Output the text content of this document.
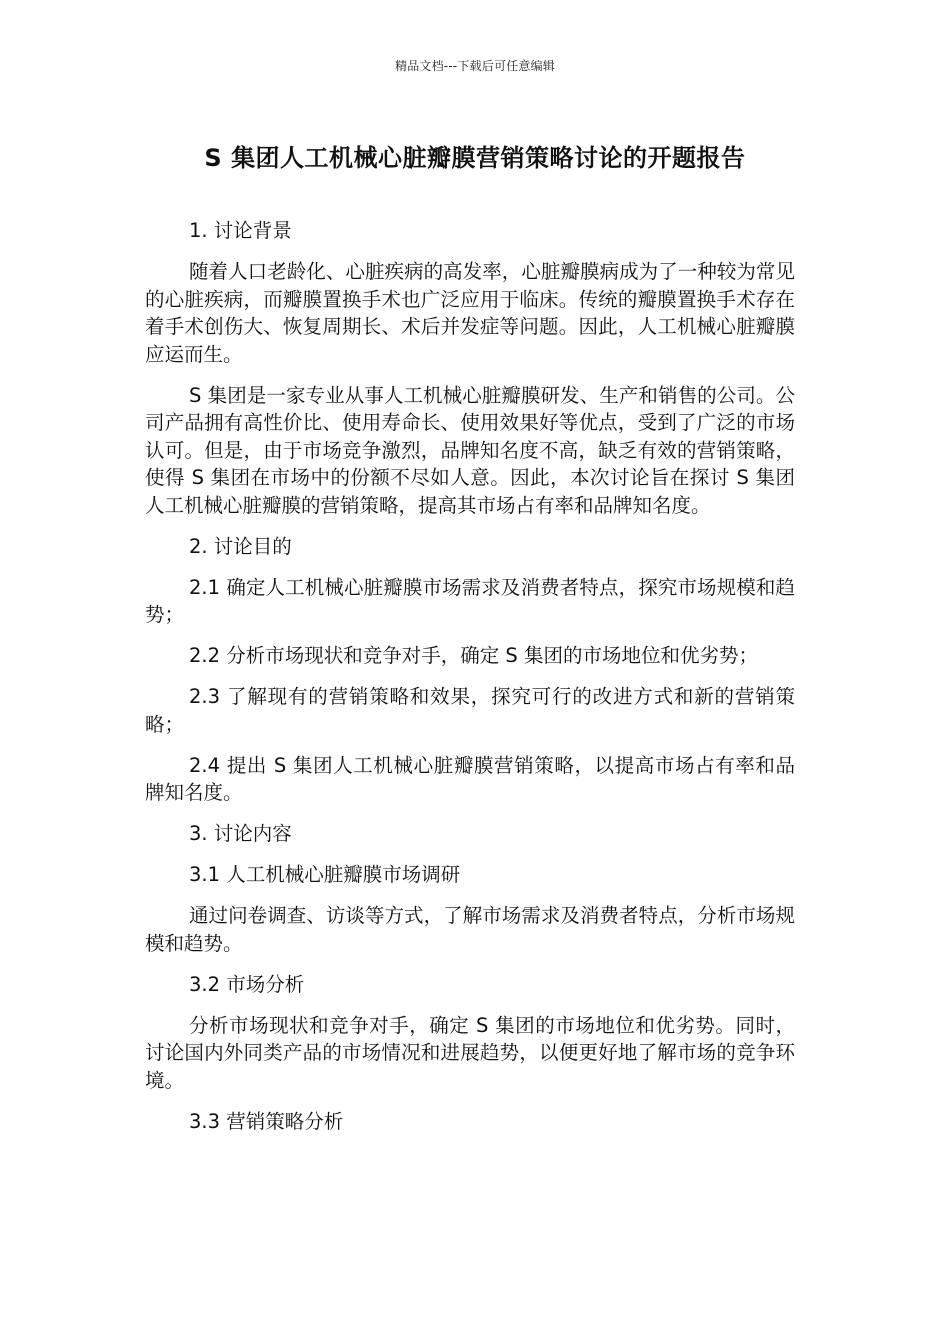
精品文档---下载后可任意编辑
S 集团人工机械心脏瓣膜营销策略讨论的开题报告

1. 讨论背景

随着人口老龄化、心脏疾病的高发率，心脏瓣膜病成为了一种较为常见的心脏疾病，而瓣膜置换手术也广泛应用于临床。传统的瓣膜置换手术存在着手术创伤大、恢复周期长、术后并发症等问题。因此，人工机械心脏瓣膜应运而生。

S 集团是一家专业从事人工机械心脏瓣膜研发、生产和销售的公司。公司产品拥有高性价比、使用寿命长、使用效果好等优点，受到了广泛的市场认可。但是，由于市场竞争激烈，品牌知名度不高，缺乏有效的营销策略，使得 S 集团在市场中的份额不尽如人意。因此，本次讨论旨在探讨 S 集团人工机械心脏瓣膜的营销策略，提高其市场占有率和品牌知名度。

2. 讨论目的

2.1 确定人工机械心脏瓣膜市场需求及消费者特点，探究市场规模和趋势；

2.2 分析市场现状和竞争对手，确定 S 集团的市场地位和优劣势；

2.3 了解现有的营销策略和效果，探究可行的改进方式和新的营销策略；

2.4 提出 S 集团人工机械心脏瓣膜营销策略，以提高市场占有率和品牌知名度。

3. 讨论内容

3.1 人工机械心脏瓣膜市场调研

通过问卷调查、访谈等方式，了解市场需求及消费者特点，分析市场规模和趋势。

3.2 市场分析

分析市场现状和竞争对手，确定 S 集团的市场地位和优劣势。同时，讨论国内外同类产品的市场情况和进展趋势，以便更好地了解市场的竞争环境。

3.3 营销策略分析
